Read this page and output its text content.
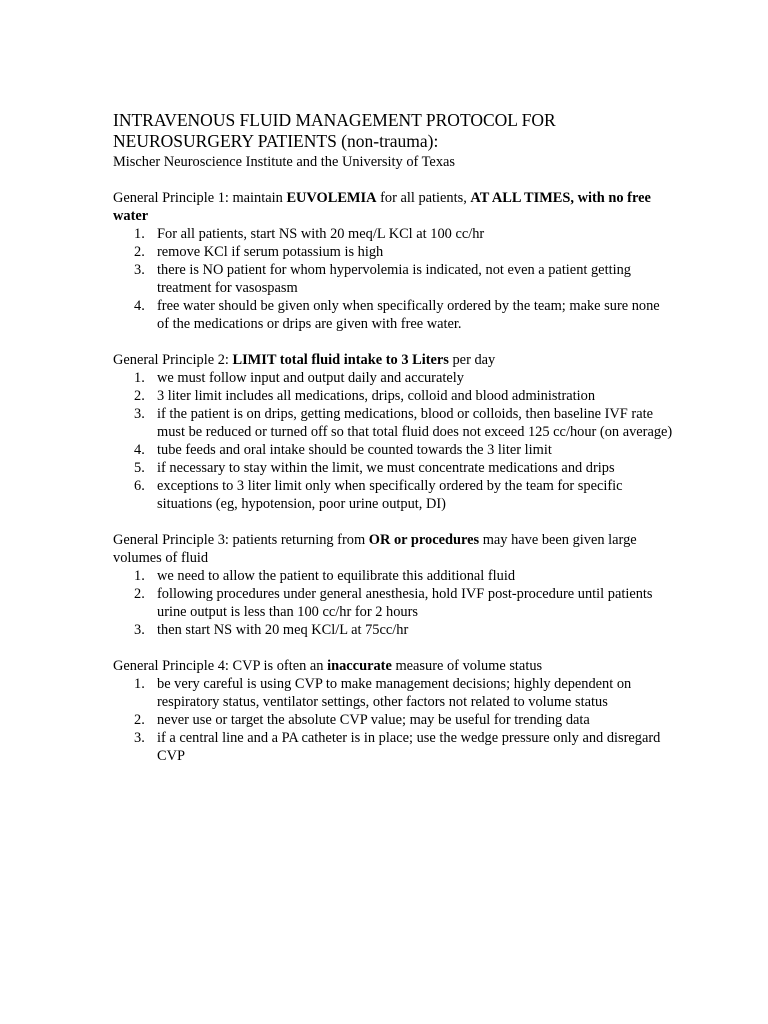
INTRAVENOUS FLUID MANAGEMENT PROTOCOL FOR
NEUROSURGERY PATIENTS (non-trauma):
Mischer Neuroscience Institute and the University of Texas

General Principle 1: maintain EUVOLEMIA for all patients, AT ALL TIMES, with no free water

1. For all patients, start NS with 20 meq/L KCl at 100 cc/hr
2. remove KCl if serum potassium is high
3. there is NO patient for whom hypervolemia is indicated, not even a patient getting treatment for vasospasm
4. free water should be given only when specifically ordered by the team; make sure none of the medications or drips are given with free water.

General Principle 2: LIMIT total fluid intake to 3 Liters per day

1. we must follow input and output daily and accurately
2. 3 liter limit includes all medications, drips, colloid and blood administration
3. if the patient is on drips, getting medications, blood or colloids, then baseline IVF rate must be reduced or turned off so that total fluid does not exceed 125 cc/hour (on average)
4. tube feeds and oral intake should be counted towards the 3 liter limit
5. if necessary to stay within the limit, we must concentrate medications and drips
6. exceptions to 3 liter limit only when specifically ordered by the team for specific situations (eg, hypotension, poor urine output, DI)

General Principle 3: patients returning from OR or procedures may have been given large volumes of fluid

1. we need to allow the patient to equilibrate this additional fluid
2. following procedures under general anesthesia, hold IVF post-procedure until patients urine output is less than 100 cc/hr for 2 hours
3. then start NS with 20 meq KCl/L at 75cc/hr

General Principle 4: CVP is often an inaccurate measure of volume status

1. be very careful is using CVP to make management decisions; highly dependent on respiratory status, ventilator settings, other factors not related to volume status
2. never use or target the absolute CVP value; may be useful for trending data
3. if a central line and a PA catheter is in place; use the wedge pressure only and disregard CVP
